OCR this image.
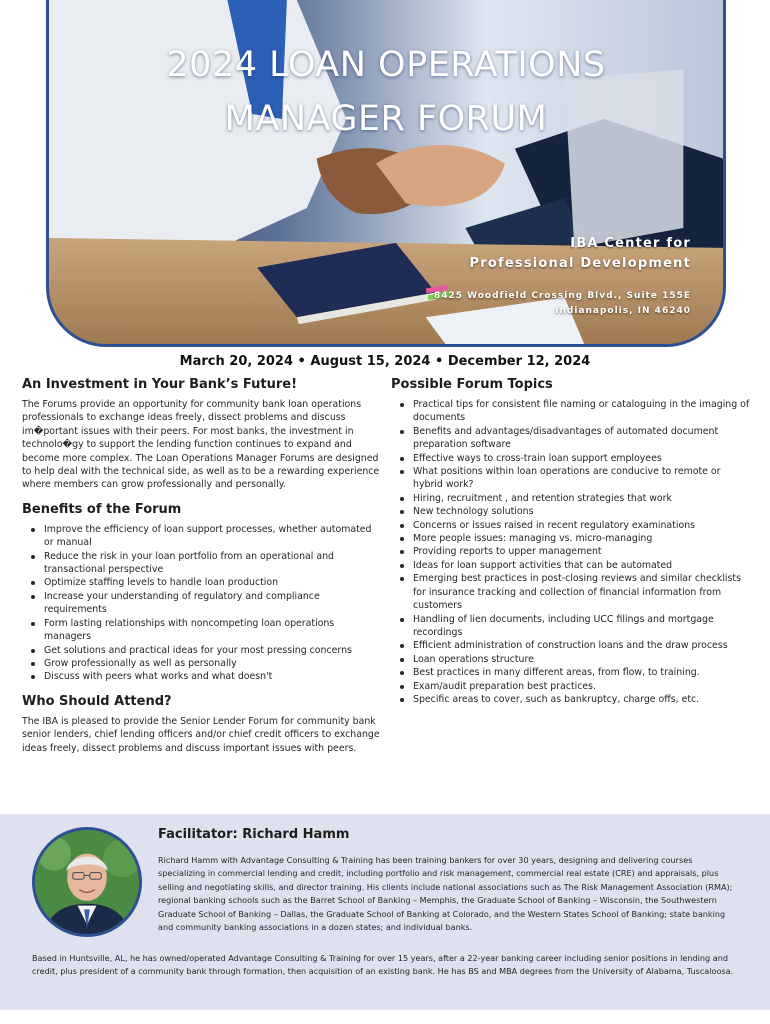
2024 LOAN OPERATIONS
MANAGER FORUM
IBA Center for
Professional Development
8425 Woodfield Crossing Blvd., Suite 155E
Indianapolis, IN 46240
March 20, 2024 • August 15, 2024 • December 12, 2024
An Investment in Your Bank’s Future!

The Forums provide an opportunity for community bank loan operations professionals to exchange ideas freely, dissect problems and discuss im�portant issues with their peers. For most banks, the investment in technolo�gy to support the lending function continues to expand and become more complex. The Loan Operations Manager Forums are designed to help deal with the technical side, as well as to be a rewarding experience where members can grow professionally and personally.

Benefits of the Forum
Improve the efficiency of loan support processes, whether automated or manual
Reduce the risk in your loan portfolio from an operational and transactional perspective
Optimize staffing levels to handle loan production
Increase your understanding of regulatory and compliance requirements
Form lasting relationships with noncompeting loan operations managers
Get solutions and practical ideas for your most pressing concerns
Grow professionally as well as personally
Discuss with peers what works and what doesn't
Who Should Attend?

The IBA is pleased to provide the Senior Lender Forum for community bank senior lenders, chief lending officers and/or chief credit officers to exchange ideas freely, dissect problems and discuss important issues with peers.

Possible Forum Topics
Practical tips for consistent file naming or cataloguing in the imaging of documents
Benefits and advantages/disadvantages of automated document preparation software
Effective ways to cross-train loan support employees
What positions within loan operations are conducive to remote or hybrid work?
Hiring, recruitment , and retention strategies that work
New technology solutions
Concerns or issues raised in recent regulatory examinations
More people issues: managing vs. micro-managing
Providing reports to upper management
Ideas for loan support activities that can be automated
Emerging best practices in post-closing reviews and similar checklists for insurance tracking and collection of financial information from customers
Handling of lien documents, including UCC filings and mortgage recordings
Efficient administration of construction loans and the draw process
Loan operations structure
Best practices in many different areas, from flow, to training.
Exam/audit preparation best practices.
Specific areas to cover, such as bankruptcy, charge offs, etc.
Facilitator: Richard Hamm

Richard Hamm with Advantage Consulting & Training has been training bankers for over 30 years, designing and delivering courses specializing in commercial lending and credit, including portfolio and risk management, commercial real estate (CRE) and appraisals, plus selling and negotiating skills, and director training. His clients include national associations such as The Risk Management Association (RMA); regional banking schools such as the Barret School of Banking – Memphis, the Graduate School of Banking – Wisconsin, the Southwestern Graduate School of Banking – Dallas, the Graduate School of Banking at Colorado, and the Western States School of Banking; state banking and community banking associations in a dozen states; and individual banks.

Based in Huntsville, AL, he has owned/operated Advantage Consulting & Training for over 15 years, after a 22-year banking career including senior positions in lending and credit, plus president of a community bank through formation, then acquisition of an existing bank. He has BS and MBA degrees from the University of Alabama, Tuscaloosa.
